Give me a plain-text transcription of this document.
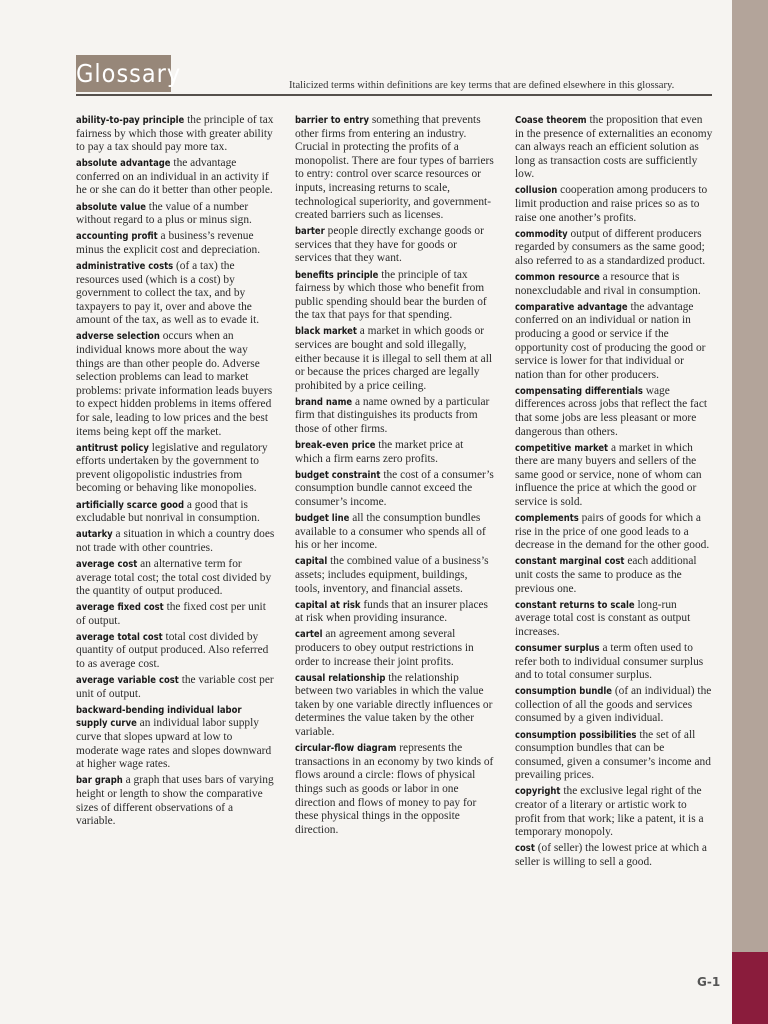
Glossary	Italicized terms within definitions are key terms that are defined elsewhere in this glossary.
ability-to-pay principle the principle of tax fairness by which those with greater ability to pay a tax should pay more tax.
absolute advantage the advantage conferred on an individual in an activity if he or she can do it better than other people.
absolute value the value of a number without regard to a plus or minus sign.
accounting profit a business’s revenue minus the explicit cost and depreciation.
administrative costs (of a tax) the resources used (which is a cost) by government to collect the tax, and by taxpayers to pay it, over and above the amount of the tax, as well as to evade it.
adverse selection occurs when an individual knows more about the way things are than other people do. Adverse selection problems can lead to market problems: private information leads buyers to expect hidden problems in items offered for sale, leading to low prices and the best items being kept off the market.
antitrust policy legislative and regulatory efforts undertaken by the government to prevent oligopolistic industries from becoming or behaving like monopolies.
artificially scarce good a good that is excludable but nonrival in consumption.
autarky a situation in which a country does not trade with other countries.
average cost an alternative term for average total cost; the total cost divided by the quantity of output produced.
average fixed cost the fixed cost per unit of output.
average total cost total cost divided by quantity of output produced. Also referred to as average cost.
average variable cost the variable cost per unit of output.
backward-bending individual labor supply curve an individual labor supply curve that slopes upward at low to moderate wage rates and slopes downward at higher wage rates.
bar graph a graph that uses bars of varying height or length to show the comparative sizes of different observations of a variable.
barrier to entry something that prevents other firms from entering an industry. Crucial in protecting the profits of a monopolist. There are four types of barriers to entry: control over scarce resources or inputs, increasing returns to scale, technological superiority, and government-created barriers such as licenses.
barter people directly exchange goods or services that they have for goods or services that they want.
benefits principle the principle of tax fairness by which those who benefit from public spending should bear the burden of the tax that pays for that spending.
black market a market in which goods or services are bought and sold illegally, either because it is illegal to sell them at all or because the prices charged are legally prohibited by a price ceiling.
brand name a name owned by a particular firm that distinguishes its products from those of other firms.
break-even price the market price at which a firm earns zero profits.
budget constraint the cost of a consumer’s consumption bundle cannot exceed the consumer’s income.
budget line all the consumption bundles available to a consumer who spends all of his or her income.
capital the combined value of a business’s assets; includes equipment, buildings, tools, inventory, and financial assets.
capital at risk funds that an insurer places at risk when providing insurance.
cartel an agreement among several producers to obey output restrictions in order to increase their joint profits.
causal relationship the relationship between two variables in which the value taken by one variable directly influences or determines the value taken by the other variable.
circular-flow diagram represents the transactions in an economy by two kinds of flows around a circle: flows of physical things such as goods or labor in one direction and flows of money to pay for these physical things in the opposite direction.
Coase theorem the proposition that even in the presence of externalities an economy can always reach an efficient solution as long as transaction costs are sufficiently low.
collusion cooperation among producers to limit production and raise prices so as to raise one another’s profits.
commodity output of different producers regarded by consumers as the same good; also referred to as a standardized product.
common resource a resource that is nonexcludable and rival in consumption.
comparative advantage the advantage conferred on an individual or nation in producing a good or service if the opportunity cost of producing the good or service is lower for that individual or nation than for other producers.
compensating differentials wage differences across jobs that reflect the fact that some jobs are less pleasant or more dangerous than others.
competitive market a market in which there are many buyers and sellers of the same good or service, none of whom can influence the price at which the good or service is sold.
complements pairs of goods for which a rise in the price of one good leads to a decrease in the demand for the other good.
constant marginal cost each additional unit costs the same to produce as the previous one.
constant returns to scale long-run average total cost is constant as output increases.
consumer surplus a term often used to refer both to individual consumer surplus and to total consumer surplus.
consumption bundle (of an individual) the collection of all the goods and services consumed by a given individual.
consumption possibilities the set of all consumption bundles that can be consumed, given a consumer’s income and prevailing prices.
copyright the exclusive legal right of the creator of a literary or artistic work to profit from that work; like a patent, it is a temporary monopoly.
cost (of seller) the lowest price at which a seller is willing to sell a good.
G-1
